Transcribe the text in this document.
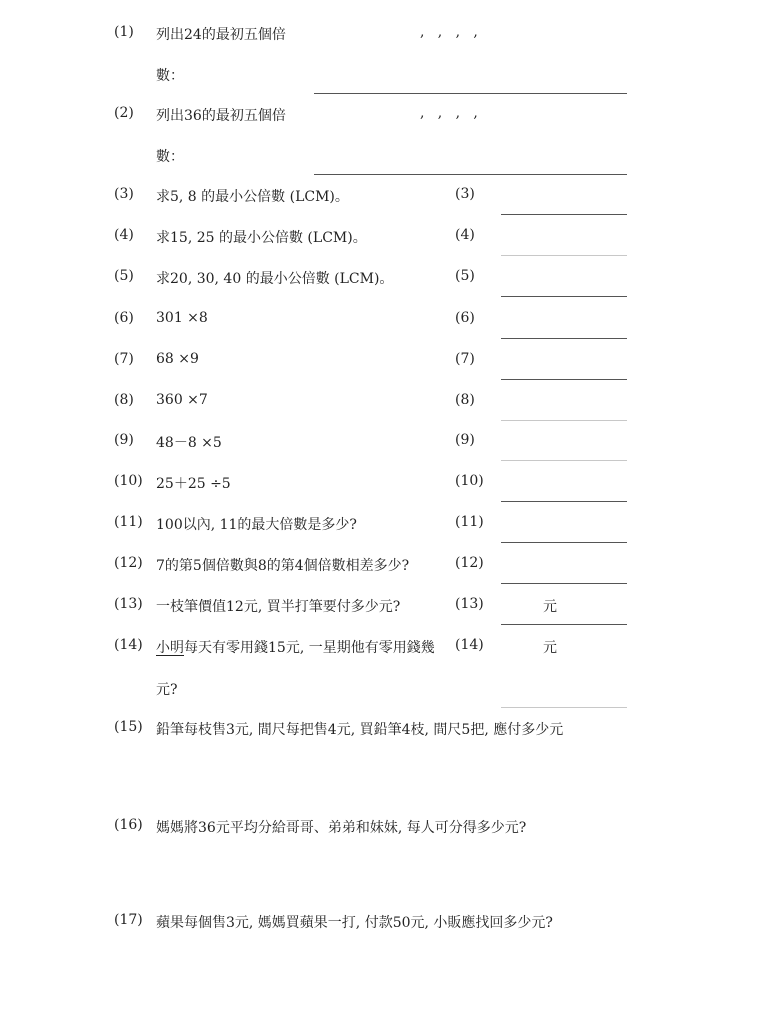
(1) 列出24的最初五個倍	,   ,   ,   ,
數：
(2) 列出36的最初五個倍	,   ,   ,   ,
數：
(3) 求5, 8 的最小公倍數 (LCM)。	(3)
(4) 求15, 25 的最小公倍數 (LCM)。	(4)
(5) 求20, 30, 40 的最小公倍數 (LCM)。	(5)
(6) 301 ×8	(6)
(7) 68 ×9	(7)
(8) 360 ×7	(8)
(9) 48－8 ×5	(9)
(10) 25＋25 ÷5	(10)
(11) 100以內, 11的最大倍數是多少?	(11)
(12) 7的第5個倍數與8的第4個倍數相差多少?	(12)
(13) 一枝筆價值12元, 買半打筆要付多少元?	(13)	元
(14) 小明每天有零用錢15元, 一星期他有零用錢幾 (14)	元
元?
(15) 鉛筆每枝售3元, 間尺每把售4元, 買鉛筆4枝, 間尺5把, 應付多少元
(16) 媽媽將36元平均分給哥哥、弟弟和妹妹, 每人可分得多少元?
(17) 蘋果每個售3元, 媽媽買蘋果一打, 付款50元, 小販應找回多少元?
